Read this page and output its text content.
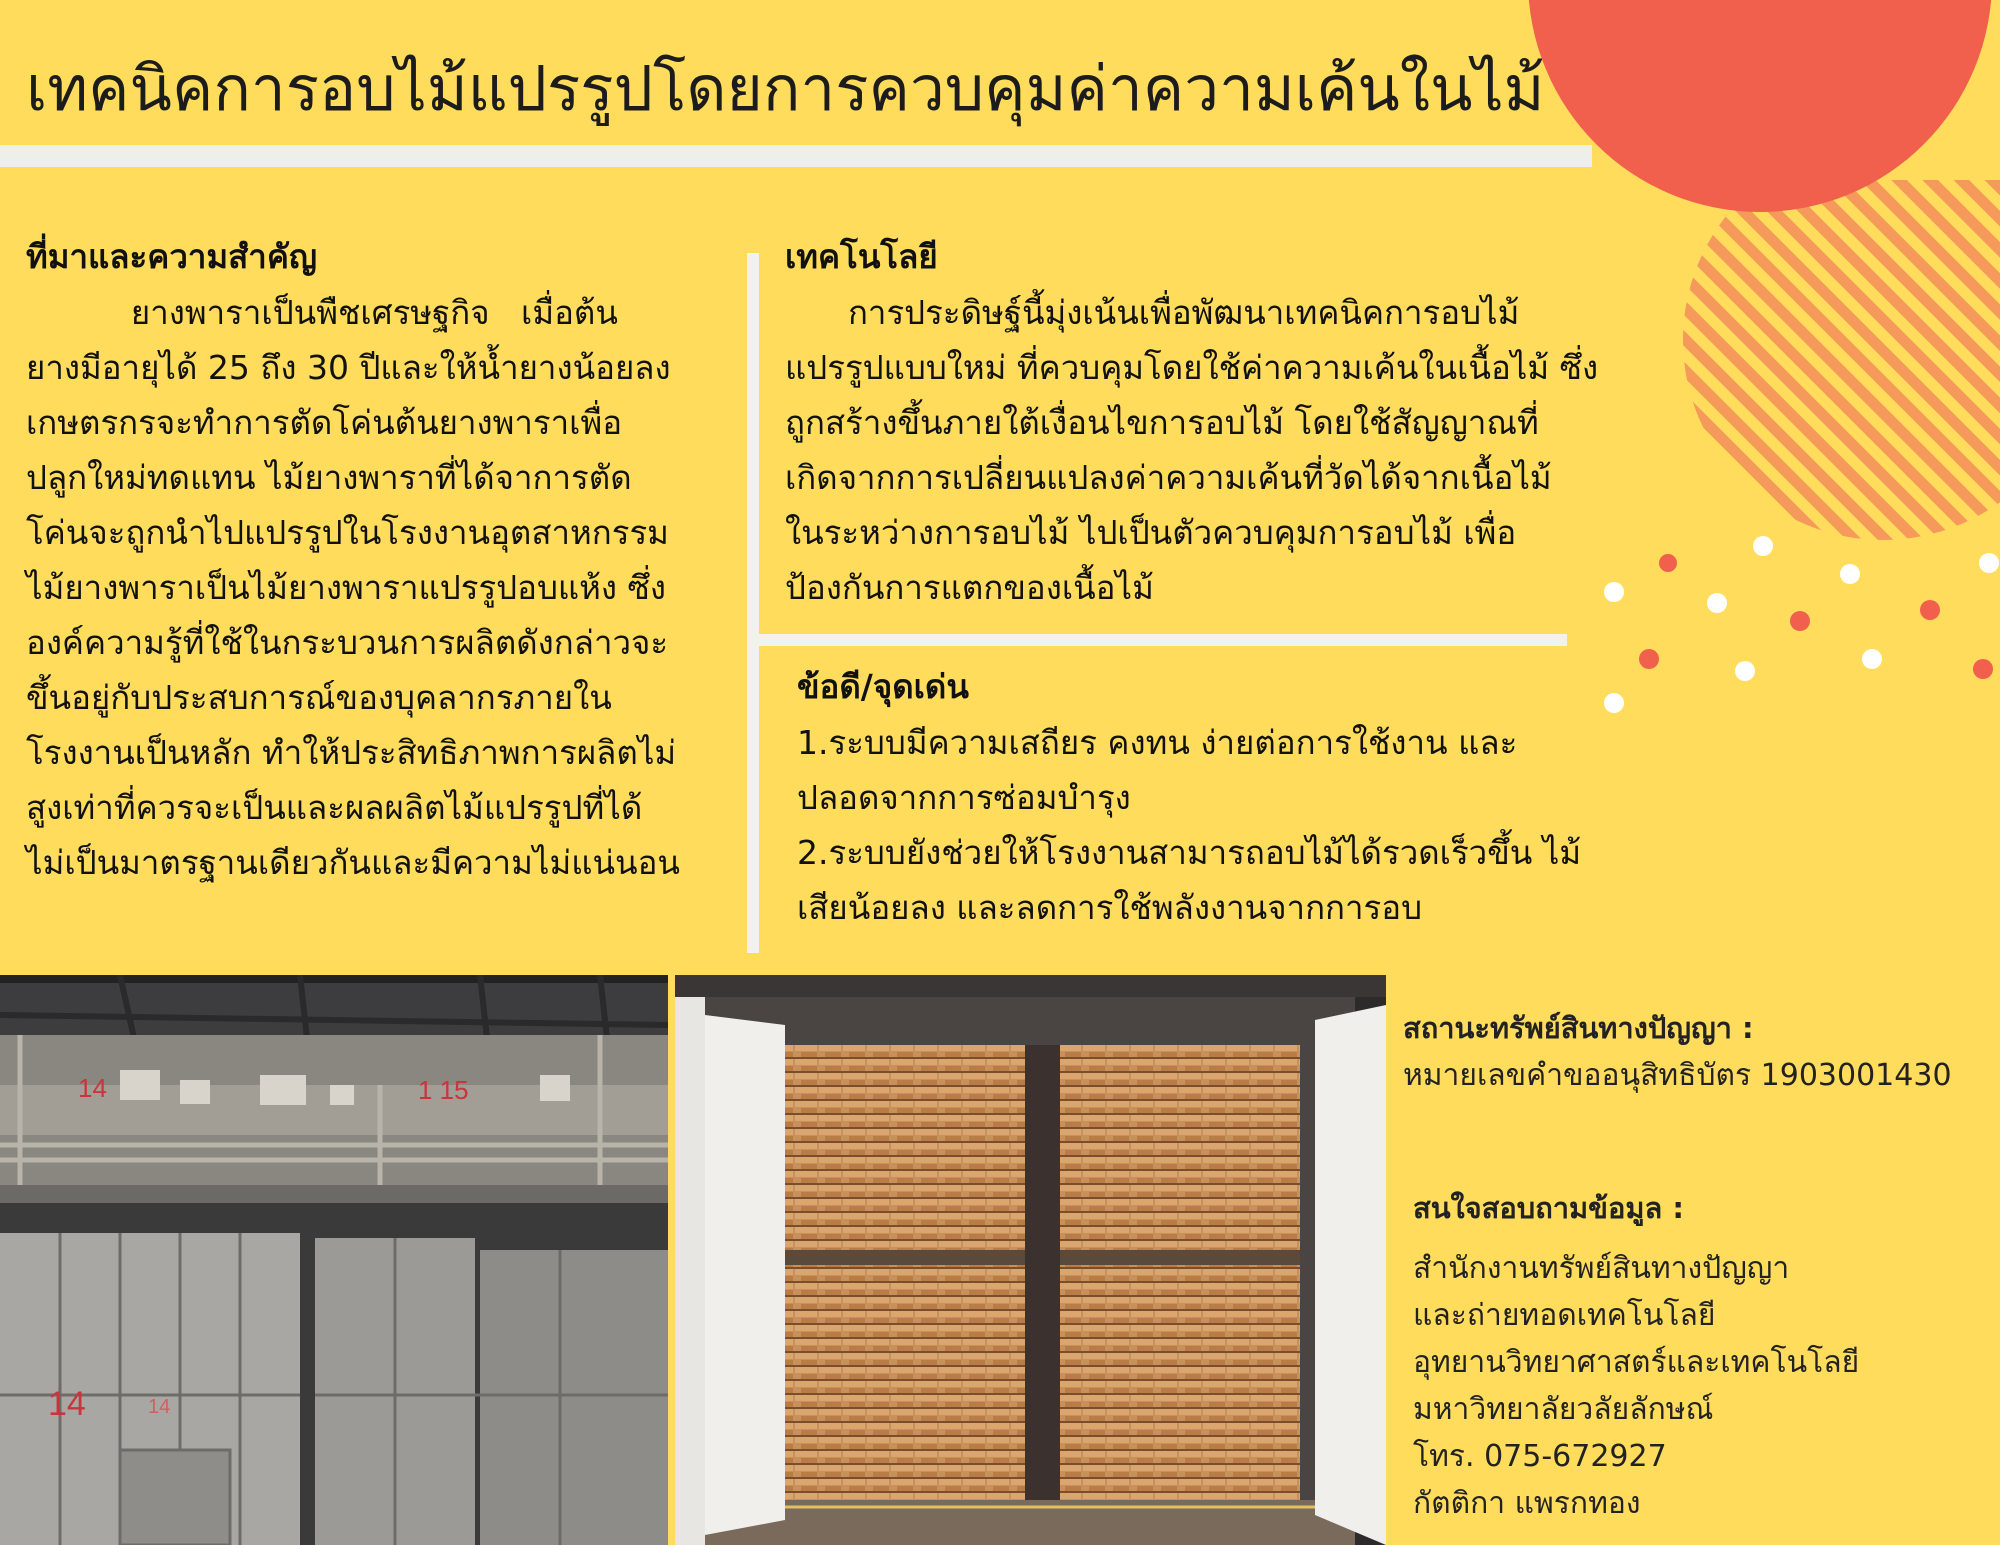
เทคนิคการอบไม้แปรรูปโดยการควบคุมค่าความเค้นในไม้
ที่มาและความสำคัญ
ยางพาราเป็นพืชเศรษฐกิจ   เมื่อต้น
ยางมีอายุได้ 25 ถึง 30 ปีและให้น้ำยางน้อยลง
เกษตรกรจะทำการตัดโค่นต้นยางพาราเพื่อ
ปลูกใหม่ทดแทน ไม้ยางพาราที่ได้จาการตัด
โค่นจะถูกนำไปแปรรูปในโรงงานอุตสาหกรรม
ไม้ยางพาราเป็นไม้ยางพาราแปรรูปอบแห้ง ซึ่ง
องค์ความรู้ที่ใช้ในกระบวนการผลิตดังกล่าวจะ
ขึ้นอยู่กับประสบการณ์ของบุคลากรภายใน
โรงงานเป็นหลัก ทำให้ประสิทธิภาพการผลิตไม่
สูงเท่าที่ควรจะเป็นและผลผลิตไม้แปรรูปที่ได้
ไม่เป็นมาตรฐานเดียวกันและมีความไม่แน่นอน
เทคโนโลยี
การประดิษฐ์นี้มุ่งเน้นเพื่อพัฒนาเทคนิคการอบไม้
แปรรูปแบบใหม่ ที่ควบคุมโดยใช้ค่าความเค้นในเนื้อไม้ ซึ่ง
ถูกสร้างขึ้นภายใต้เงื่อนไขการอบไม้ โดยใช้สัญญาณที่
เกิดจากการเปลี่ยนแปลงค่าความเค้นที่วัดได้จากเนื้อไม้
ในระหว่างการอบไม้ ไปเป็นตัวควบคุมการอบไม้ เพื่อ
ป้องกันการแตกของเนื้อไม้
ข้อดี/จุดเด่น
1.ระบบมีความเสถียร คงทน ง่ายต่อการใช้งาน และ
ปลอดจากการซ่อมบำรุง
2.ระบบยังช่วยให้โรงงานสามารถอบไม้ได้รวดเร็วขึ้น ไม้
เสียน้อยลง และลดการใช้พลังงานจากการอบ
14	1 15
14	14
สถานะทรัพย์สินทางปัญญา :
หมายเลขคำขออนุสิทธิบัตร 1903001430
สนใจสอบถามข้อมูล :
สำนักงานทรัพย์สินทางปัญญา
และถ่ายทอดเทคโนโลยี
อุทยานวิทยาศาสตร์และเทคโนโลยี
มหาวิทยาลัยวลัยลักษณ์
โทร. 075-672927
กัตติกา แพรกทอง
